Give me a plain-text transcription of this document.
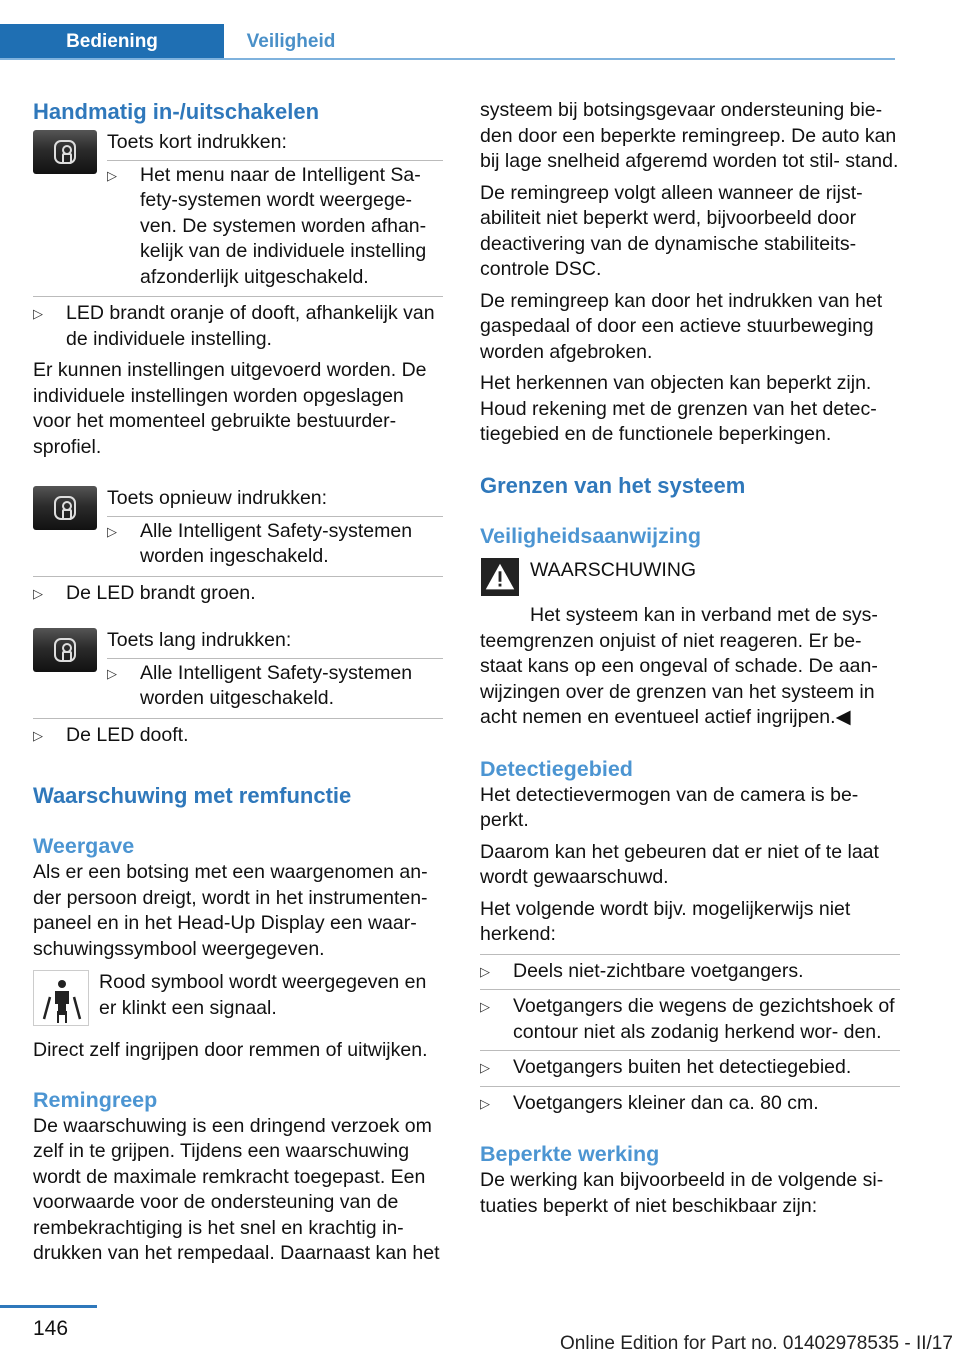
Bediening	Veiligheid
Handmatig in-/uitschakelen

Toets kort indrukken:

▷	Het menu naar de Intelligent Sa‐ fety-systemen wordt weergege‐ ven. De systemen worden afhan‐ kelijk van de individuele instelling afzonderlijk uitgeschakeld.
▷	LED brandt oranje of dooft, afhankelijk van de individuele instelling.

Er kunnen instellingen uitgevoerd worden. De individuele instellingen worden opgeslagen voor het momenteel gebruikte bestuurder‐ sprofiel.

Toets opnieuw indrukken:

▷	Alle Intelligent Safety-systemen worden ingeschakeld.
▷	De LED brandt groen.

Toets lang indrukken:

▷	Alle Intelligent Safety-systemen worden uitgeschakeld.
▷	De LED dooft.
Waarschuwing met remfunctie
Weergave

Als er een botsing met een waargenomen an‐ der persoon dreigt, wordt in het instrumenten‐ paneel en in het Head-Up Display een waar‐ schuwingssymbool weergegeven.

Rood symbool wordt weergegeven en er klinkt een signaal.

Direct zelf ingrijpen door remmen of uitwijken.

Remingreep

De waarschuwing is een dringend verzoek om zelf in te grijpen. Tijdens een waarschuwing wordt de maximale remkracht toegepast. Een voorwaarde voor de ondersteuning van de rembekrachtiging is het snel en krachtig in‐ drukken van het rempedaal. Daarnaast kan het

systeem bij botsingsgevaar ondersteuning bie‐ den door een beperkte remingreep. De auto kan bij lage snelheid afgeremd worden tot stil‐ stand.

De remingreep volgt alleen wanneer de rijst‐ abiliteit niet beperkt werd, bijvoorbeeld door deactivering van de dynamische stabiliteits‐ controle DSC.

De remingreep kan door het indrukken van het gaspedaal of door een actieve stuurbeweging worden afgebroken.

Het herkennen van objecten kan beperkt zijn. Houd rekening met de grenzen van het detec‐ tiegebied en de functionele beperkingen.

Grenzen van het systeem
Veiligheidsaanwijzing

WAARSCHUWING

Het systeem kan in verband met de sys‐ teemgrenzen onjuist of niet reageren. Er be‐ staat kans op een ongeval of schade. De aan‐ wijzingen over de grenzen van het systeem in acht nemen en eventueel actief ingrijpen.◀

Detectiegebied

Het detectievermogen van de camera is be‐ perkt.

Daarom kan het gebeuren dat er niet of te laat wordt gewaarschuwd.

Het volgende wordt bijv. mogelijkerwijs niet herkend:

▷	Deels niet-zichtbare voetgangers.
▷	Voetgangers die wegens de gezichtshoek of contour niet als zodanig herkend wor‐ den.
▷	Voetgangers buiten het detectiegebied.
▷	Voetgangers kleiner dan ca. 80 cm.
Beperkte werking

De werking kan bijvoorbeeld in de volgende si‐ tuaties beperkt of niet beschikbaar zijn:

146
Online Edition for Part no. 01402978535 - II/17
